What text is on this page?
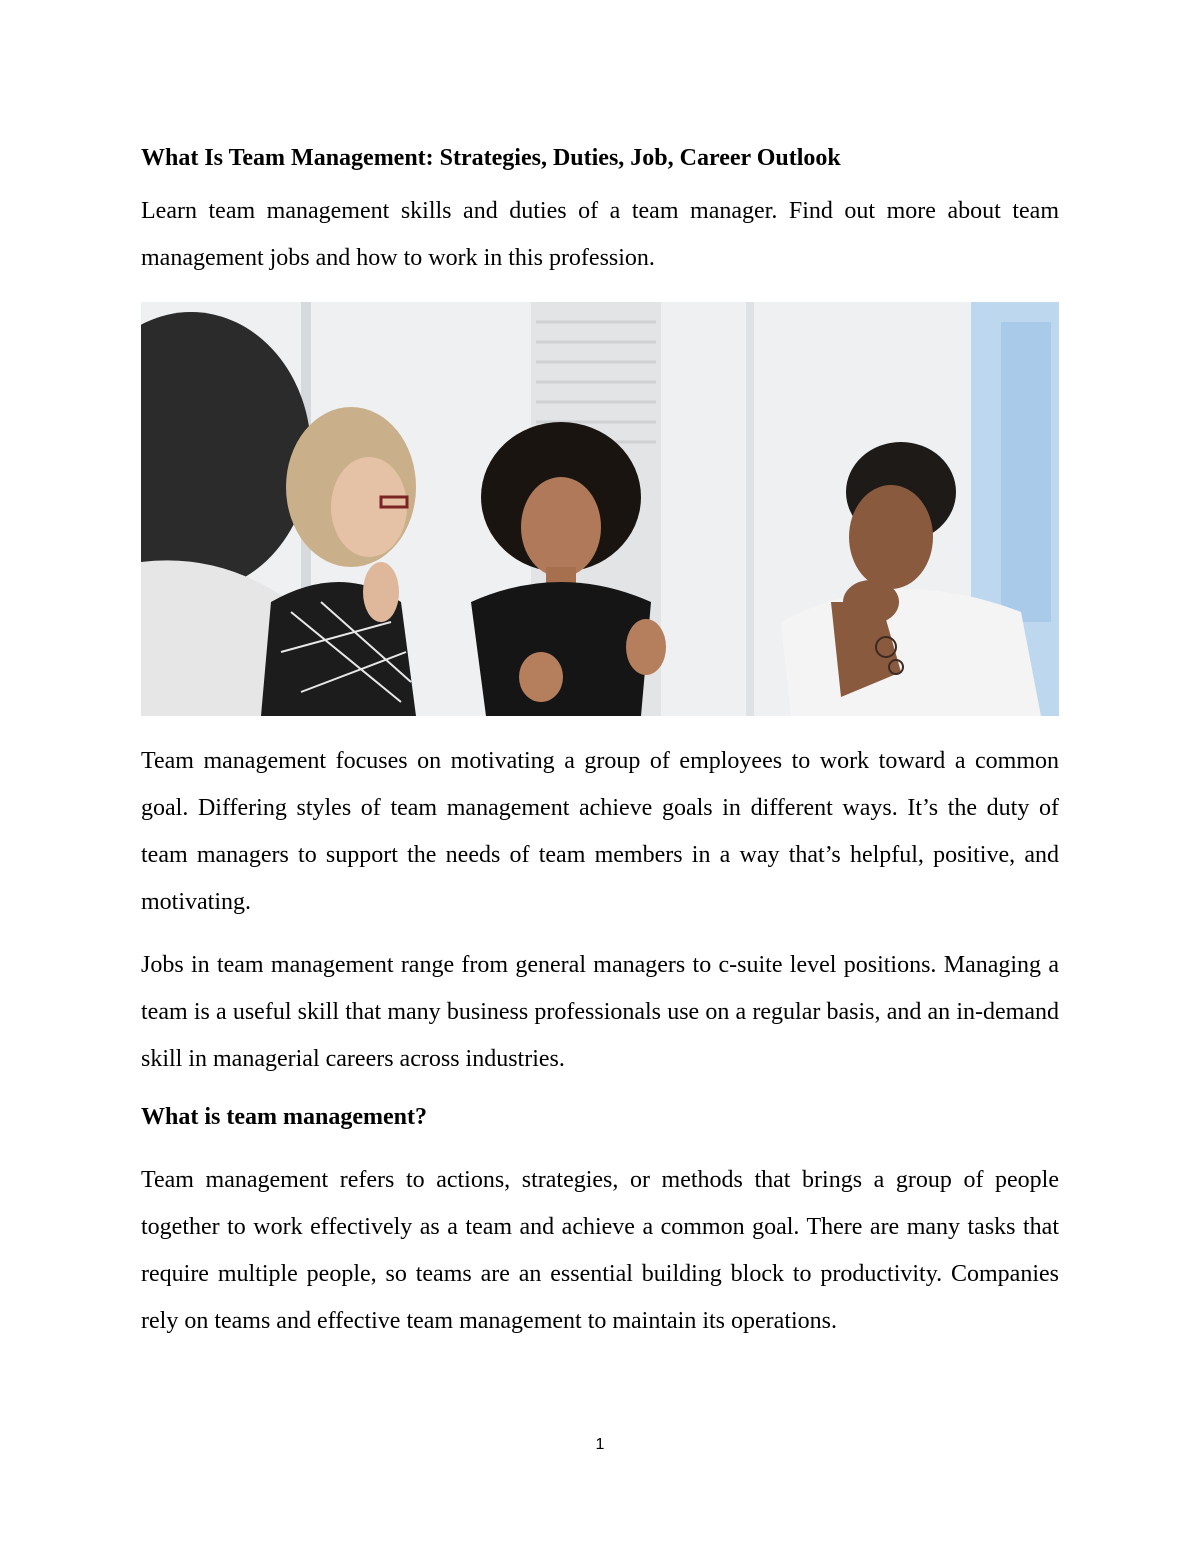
What Is Team Management: Strategies, Duties, Job, Career Outlook

Learn team management skills and duties of a team manager. Find out more about team management jobs and how to work in this profession.

Team management focuses on motivating a group of employees to work toward a common goal. Differing styles of team management achieve goals in different ways. It’s the duty of team managers to support the needs of team members in a way that’s helpful, positive, and motivating.

Jobs in team management range from general managers to c-suite level positions. Managing a team is a useful skill that many business professionals use on a regular basis, and an in-demand skill in managerial careers across industries.

What is team management?

Team management refers to actions, strategies, or methods that brings a group of people together to work effectively as a team and achieve a common goal. There are many tasks that require multiple people, so teams are an essential building block to productivity. Companies rely on teams and effective team management to maintain its operations.

1
